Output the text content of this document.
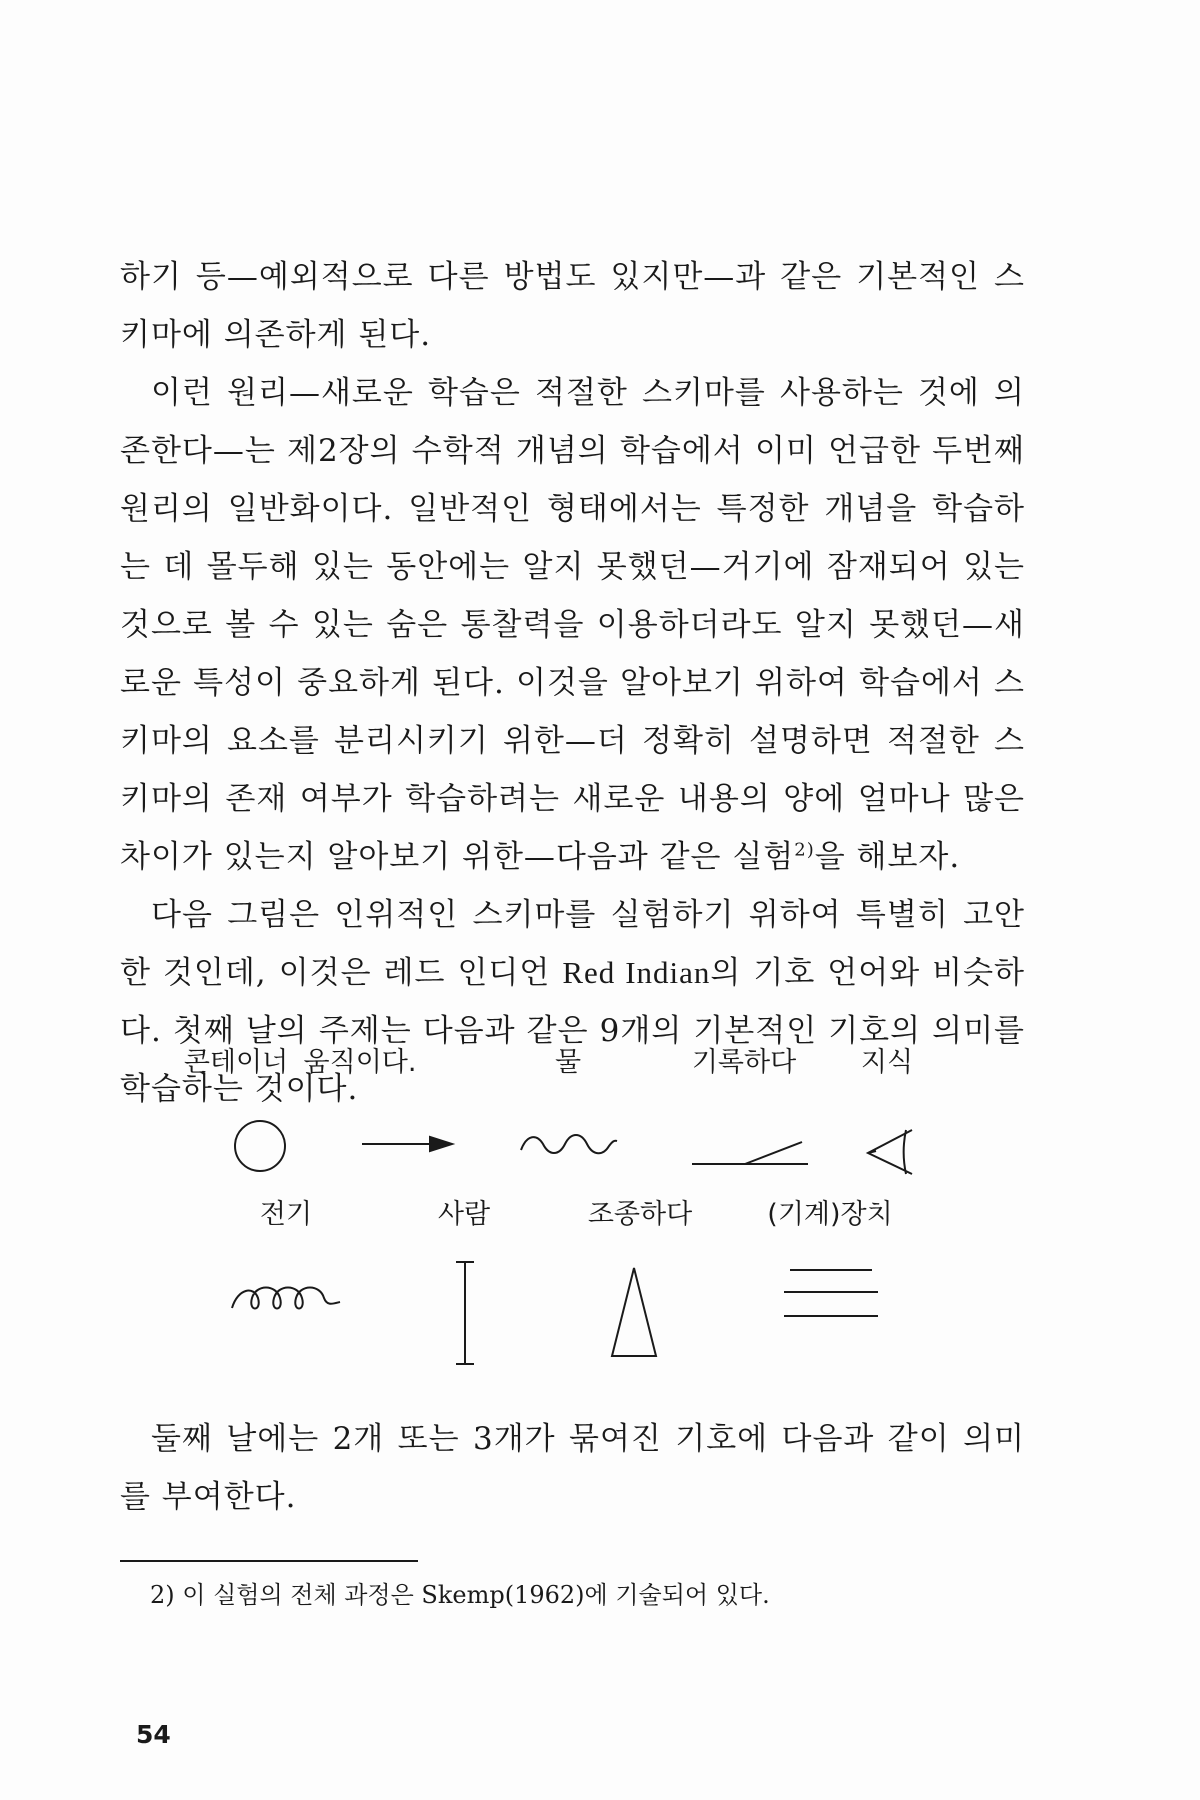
하기 등—예외적으로 다른 방법도 있지만—과 같은 기본적인 스키마에 의존하게 된다.

이런 원리—새로운 학습은 적절한 스키마를 사용하는 것에 의존한다—는 제2장의 수학적 개념의 학습에서 이미 언급한 두번째 원리의 일반화이다. 일반적인 형태에서는 특정한 개념을 학습하는 데 몰두해 있는 동안에는 알지 못했던—거기에 잠재되어 있는 것으로 볼 수 있는 숨은 통찰력을 이용하더라도 알지 못했던—새로운 특성이 중요하게 된다. 이것을 알아보기 위하여 학습에서 스키마의 요소를 분리시키기 위한—더 정확히 설명하면 적절한 스키마의 존재 여부가 학습하려는 새로운 내용의 양에 얼마나 많은 차이가 있는지 알아보기 위한—다음과 같은 실험$^{2)}$을 해보자.

다음 그림은 인위적인 스키마를 실험하기 위하여 특별히 고안한 것인데, 이것은 레드 인디언 Red Indian의 기호 언어와 비슷하다. 첫째 날의 주제는 다음과 같은 9개의 기본적인 기호의 의미를 학습하는 것이다.

콘테이너 움직이다.	물	기록하다 지식
전기	사람	조종하다	(기계)장치

둘째 날에는 2개 또는 3개가 묶여진 기호에 다음과 같이 의미를 부여한다.

2) 이 실험의 전체 과정은 Skemp(1962)에 기술되어 있다.
54
